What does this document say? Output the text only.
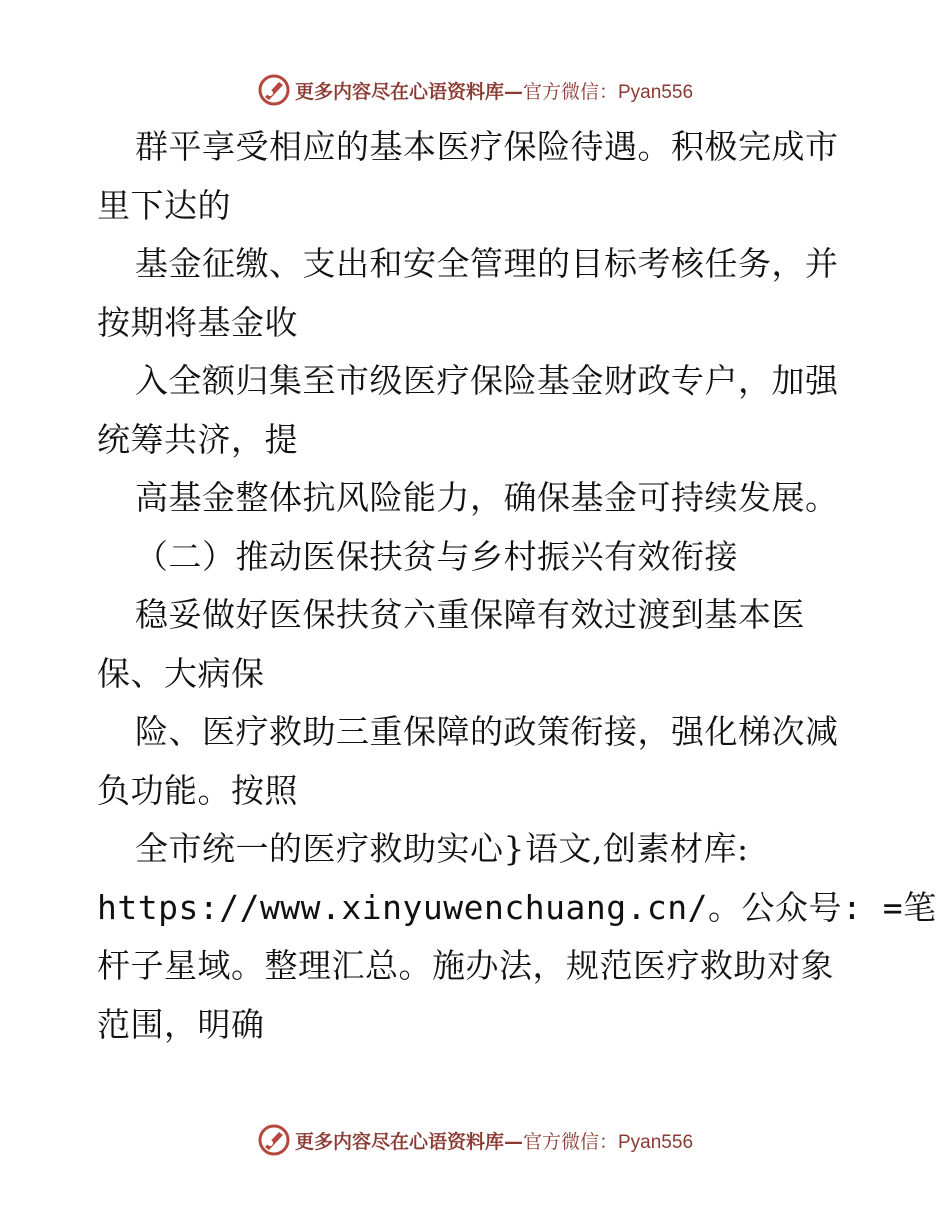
更多内容尽在心语资料库—官方微信：Pyan556
群平享受相应的基本医疗保险待遇。积极完成市
里下达的
基金征缴、支出和安全管理的目标考核任务，并
按期将基金收
入全额归集至市级医疗保险基金财政专户，加强
统筹共济，提
高基金整体抗风险能力，确保基金可持续发展。
（二）推动医保扶贫与乡村振兴有效衔接
稳妥做好医保扶贫六重保障有效过渡到基本医
保、大病保
险、医疗救助三重保障的政策衔接，强化梯次减
负功能。按照
全市统一的医疗救助实心}语文,创素材库:
https://www.xinyuwenchuang.cn/。公众号: =笔
杆子星域。整理汇总。施办法，规范医疗救助对象
范围，明确
更多内容尽在心语资料库—官方微信：Pyan556
